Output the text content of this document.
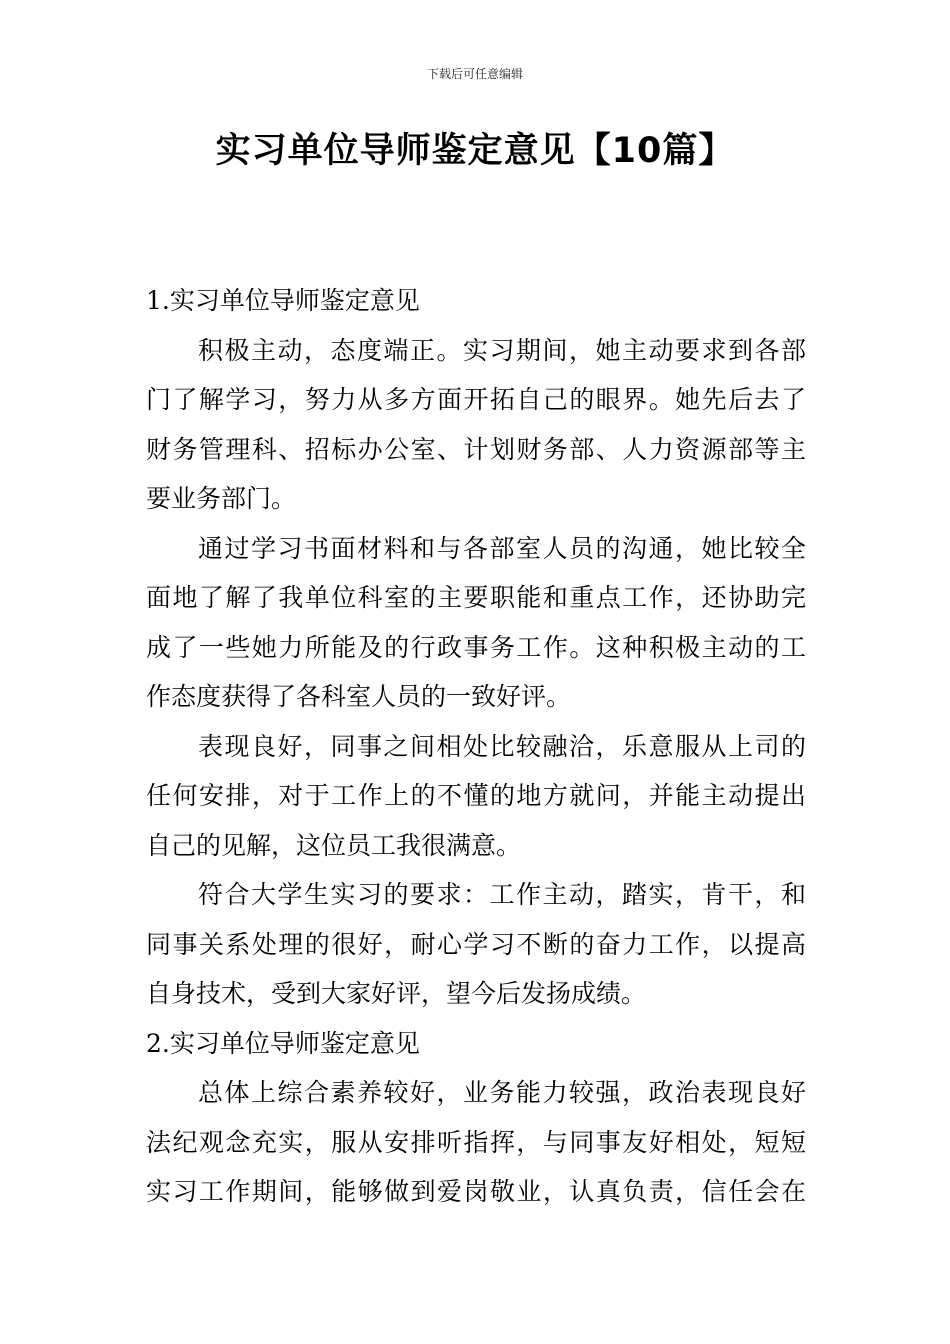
下载后可任意编辑
实习单位导师鉴定意见【10篇】
1.实习单位导师鉴定意见
积极主动，态度端正。实习期间，她主动要求到各部
门了解学习，努力从多方面开拓自己的眼界。她先后去了
财务管理科、招标办公室、计划财务部、人力资源部等主
要业务部门。
通过学习书面材料和与各部室人员的沟通，她比较全
面地了解了我单位科室的主要职能和重点工作，还协助完
成了一些她力所能及的行政事务工作。这种积极主动的工
作态度获得了各科室人员的一致好评。
表现良好，同事之间相处比较融洽，乐意服从上司的
任何安排，对于工作上的不懂的地方就问，并能主动提出
自己的见解，这位员工我很满意。
符合大学生实习的要求：工作主动，踏实，肯干，和
同事关系处理的很好，耐心学习不断的奋力工作，以提高
自身技术，受到大家好评，望今后发扬成绩。
2.实习单位导师鉴定意见
总体上综合素养较好，业务能力较强，政治表现良好
法纪观念充实，服从安排听指挥，与同事友好相处，短短
实习工作期间，能够做到爱岗敬业，认真负责，信任会在
